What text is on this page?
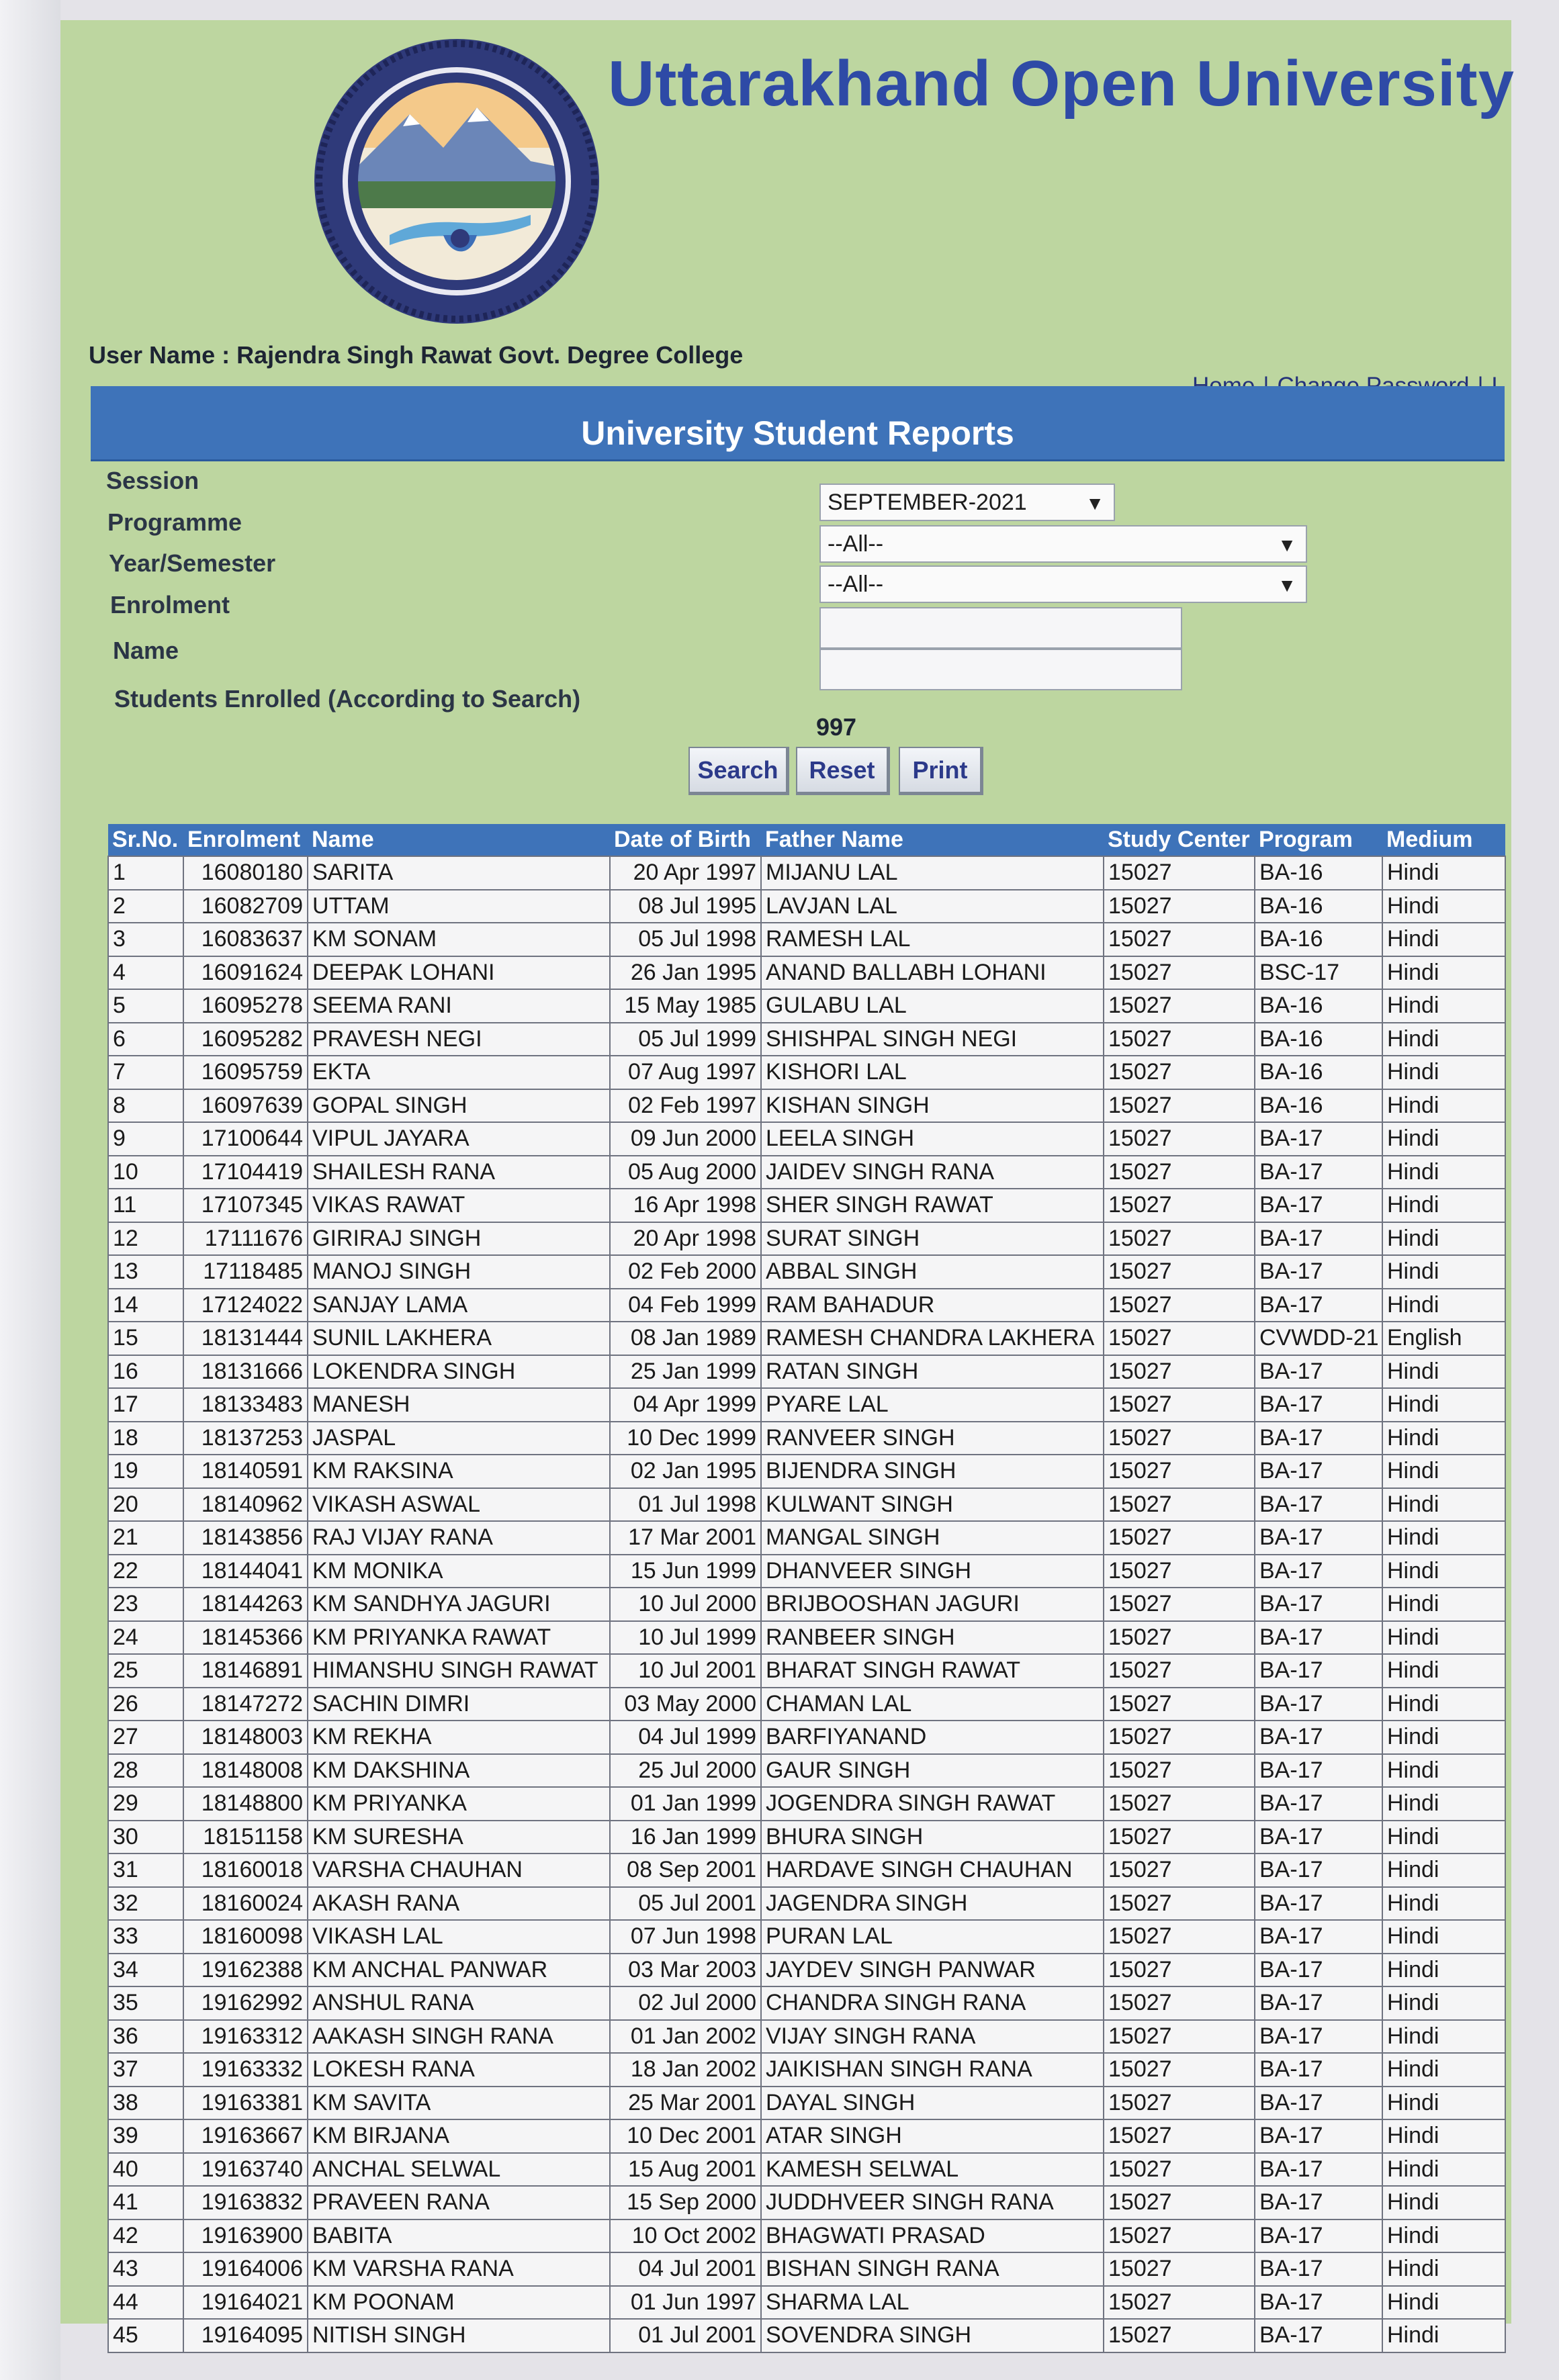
Uttarakhand Open University
User Name : Rajendra Singh Rawat Govt. Degree College
University Student Reports
Session
Programme
Year/Semester
Enrolment
Name
Students Enrolled (According to Search)
SEPTEMBER-2021	▼
--All--	▼
--All--	▼
997
Search	Reset	Print
Sr.No.	Enrolment	Name	Date of Birth	Father Name	Study Center	Program	Medium
1	16080180	SARITA	20 Apr 1997	MIJANU LAL	15027	BA-16	Hindi
2	16082709	UTTAM	08 Jul 1995	LAVJAN LAL	15027	BA-16	Hindi
3	16083637	KM SONAM	05 Jul 1998	RAMESH LAL	15027	BA-16	Hindi
4	16091624	DEEPAK LOHANI	26 Jan 1995	ANAND BALLABH LOHANI	15027	BSC-17	Hindi
5	16095278	SEEMA RANI	15 May 1985	GULABU LAL	15027	BA-16	Hindi
6	16095282	PRAVESH NEGI	05 Jul 1999	SHISHPAL SINGH NEGI	15027	BA-16	Hindi
7	16095759	EKTA	07 Aug 1997	KISHORI LAL	15027	BA-16	Hindi
8	16097639	GOPAL SINGH	02 Feb 1997	KISHAN SINGH	15027	BA-16	Hindi
9	17100644	VIPUL JAYARA	09 Jun 2000	LEELA SINGH	15027	BA-17	Hindi
10	17104419	SHAILESH RANA	05 Aug 2000	JAIDEV SINGH RANA	15027	BA-17	Hindi
11	17107345	VIKAS RAWAT	16 Apr 1998	SHER SINGH RAWAT	15027	BA-17	Hindi
12	17111676	GIRIRAJ SINGH	20 Apr 1998	SURAT SINGH	15027	BA-17	Hindi
13	17118485	MANOJ SINGH	02 Feb 2000	ABBAL SINGH	15027	BA-17	Hindi
14	17124022	SANJAY LAMA	04 Feb 1999	RAM BAHADUR	15027	BA-17	Hindi
15	18131444	SUNIL LAKHERA	08 Jan 1989	RAMESH CHANDRA LAKHERA	15027	CVWDD-21	English
16	18131666	LOKENDRA SINGH	25 Jan 1999	RATAN SINGH	15027	BA-17	Hindi
17	18133483	MANESH	04 Apr 1999	PYARE LAL	15027	BA-17	Hindi
18	18137253	JASPAL	10 Dec 1999	RANVEER SINGH	15027	BA-17	Hindi
19	18140591	KM RAKSINA	02 Jan 1995	BIJENDRA SINGH	15027	BA-17	Hindi
20	18140962	VIKASH ASWAL	01 Jul 1998	KULWANT SINGH	15027	BA-17	Hindi
21	18143856	RAJ VIJAY RANA	17 Mar 2001	MANGAL SINGH	15027	BA-17	Hindi
22	18144041	KM MONIKA	15 Jun 1999	DHANVEER SINGH	15027	BA-17	Hindi
23	18144263	KM SANDHYA JAGURI	10 Jul 2000	BRIJBOOSHAN JAGURI	15027	BA-17	Hindi
24	18145366	KM PRIYANKA RAWAT	10 Jul 1999	RANBEER SINGH	15027	BA-17	Hindi
25	18146891	HIMANSHU SINGH RAWAT	10 Jul 2001	BHARAT SINGH RAWAT	15027	BA-17	Hindi
26	18147272	SACHIN DIMRI	03 May 2000	CHAMAN LAL	15027	BA-17	Hindi
27	18148003	KM REKHA	04 Jul 1999	BARFIYANAND	15027	BA-17	Hindi
28	18148008	KM DAKSHINA	25 Jul 2000	GAUR SINGH	15027	BA-17	Hindi
29	18148800	KM PRIYANKA	01 Jan 1999	JOGENDRA SINGH RAWAT	15027	BA-17	Hindi
30	18151158	KM SURESHA	16 Jan 1999	BHURA SINGH	15027	BA-17	Hindi
31	18160018	VARSHA CHAUHAN	08 Sep 2001	HARDAVE SINGH CHAUHAN	15027	BA-17	Hindi
32	18160024	AKASH RANA	05 Jul 2001	JAGENDRA SINGH	15027	BA-17	Hindi
33	18160098	VIKASH LAL	07 Jun 1998	PURAN LAL	15027	BA-17	Hindi
34	19162388	KM ANCHAL PANWAR	03 Mar 2003	JAYDEV SINGH PANWAR	15027	BA-17	Hindi
35	19162992	ANSHUL RANA	02 Jul 2000	CHANDRA SINGH RANA	15027	BA-17	Hindi
36	19163312	AAKASH SINGH RANA	01 Jan 2002	VIJAY SINGH RANA	15027	BA-17	Hindi
37	19163332	LOKESH RANA	18 Jan 2002	JAIKISHAN SINGH RANA	15027	BA-17	Hindi
38	19163381	KM SAVITA	25 Mar 2001	DAYAL SINGH	15027	BA-17	Hindi
39	19163667	KM BIRJANA	10 Dec 2001	ATAR SINGH	15027	BA-17	Hindi
40	19163740	ANCHAL SELWAL	15 Aug 2001	KAMESH SELWAL	15027	BA-17	Hindi
41	19163832	PRAVEEN RANA	15 Sep 2000	JUDDHVEER SINGH RANA	15027	BA-17	Hindi
42	19163900	BABITA	10 Oct 2002	BHAGWATI PRASAD	15027	BA-17	Hindi
43	19164006	KM VARSHA RANA	04 Jul 2001	BISHAN SINGH RANA	15027	BA-17	Hindi
44	19164021	KM POONAM	01 Jun 1997	SHARMA LAL	15027	BA-17	Hindi
45	19164095	NITISH SINGH	01 Jul 2001	SOVENDRA SINGH	15027	BA-17	Hindi
